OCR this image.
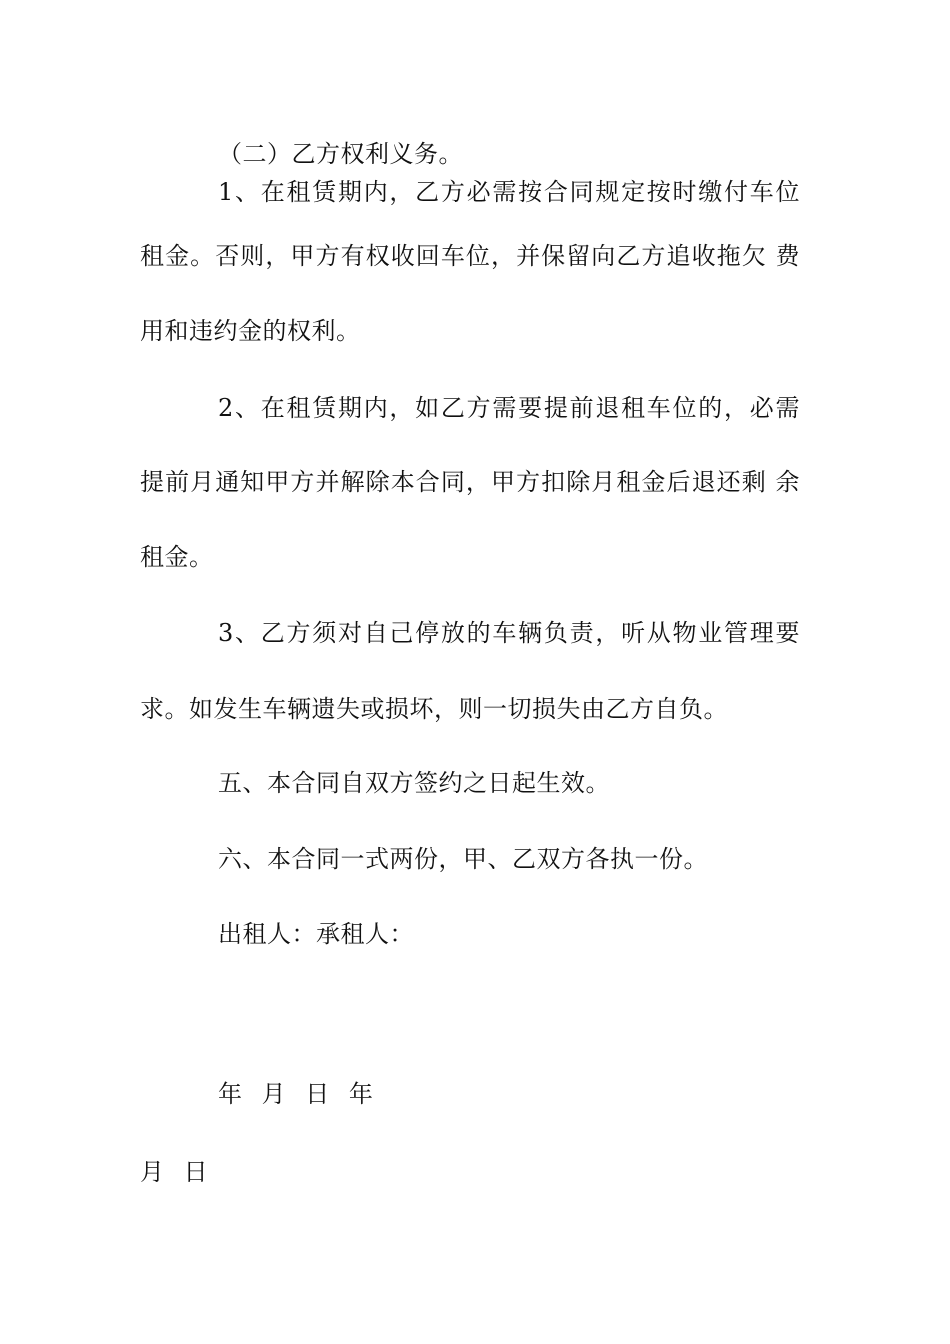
（二）乙方权利义务。
1、在租赁期内，乙方必需按合同规定按时缴付车位
租金。否则，甲方有权收回车位，并保留向乙方追收拖欠 费
用和违约金的权利。
2、在租赁期内，如乙方需要提前退租车位的，必需
提前月通知甲方并解除本合同，甲方扣除月租金后退还剩 余
租金。
3、乙方须对自己停放的车辆负责，听从物业管理要
求。如发生车辆遗失或损坏，则一切损失由乙方自负。
五、本合同自双方签约之日起生效。
六、本合同一式两份，甲、乙双方各执一份。
出租人：承租人：
年 月 日 年
月 日
